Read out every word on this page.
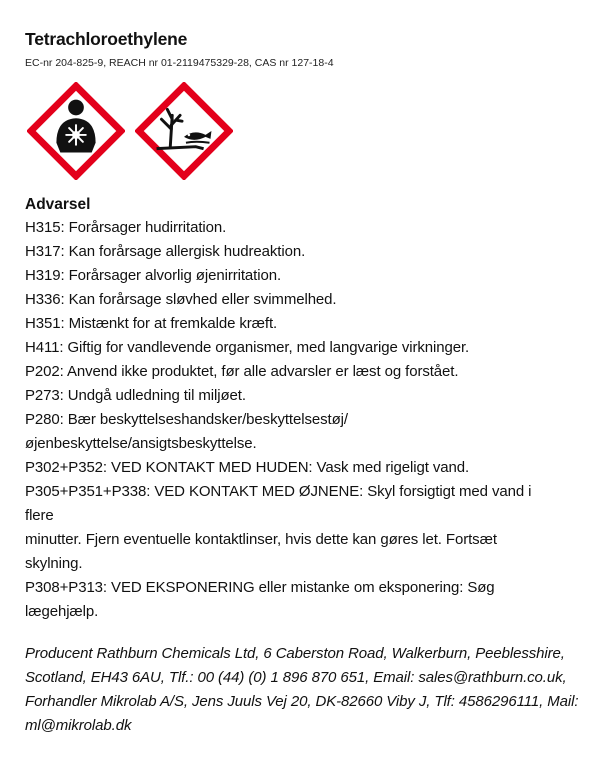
Tetrachloroethylene
EC-nr 204-825-9, REACH nr 01-2119475329-28, CAS nr 127-18-4
Advarsel
H315: Forårsager hudirritation.
H317: Kan forårsage allergisk hudreaktion.
H319: Forårsager alvorlig øjenirritation.
H336: Kan forårsage sløvhed eller svimmelhed.
H351: Mistænkt for at fremkalde kræft.
H411: Giftig for vandlevende organismer, med langvarige virkninger.
P202: Anvend ikke produktet, før alle advarsler er læst og forstået.
P273: Undgå udledning til miljøet.
P280: Bær beskyttelseshandsker/beskyttelsestøj/
øjenbeskyttelse/ansigtsbeskyttelse.
P302+P352: VED KONTAKT MED HUDEN: Vask med rigeligt vand.
P305+P351+P338: VED KONTAKT MED ØJNENE: Skyl forsigtigt med vand i
flere
minutter. Fjern eventuelle kontaktlinser, hvis dette kan gøres let. Fortsæt
skylning.
P308+P313: VED EKSPONERING eller mistanke om eksponering: Søg
lægehjælp.
Producent Rathburn Chemicals Ltd, 6 Caberston Road, Walkerburn, Peeblesshire, Scotland, EH43 6AU, Tlf.: 00 (44) (0) 1 896 870 651, Email: sales@rathburn.co.uk, Forhandler Mikrolab A/S, Jens Juuls Vej 20, DK-82660 Viby J, Tlf: 4586296111, Mail: ml@mikrolab.dk
